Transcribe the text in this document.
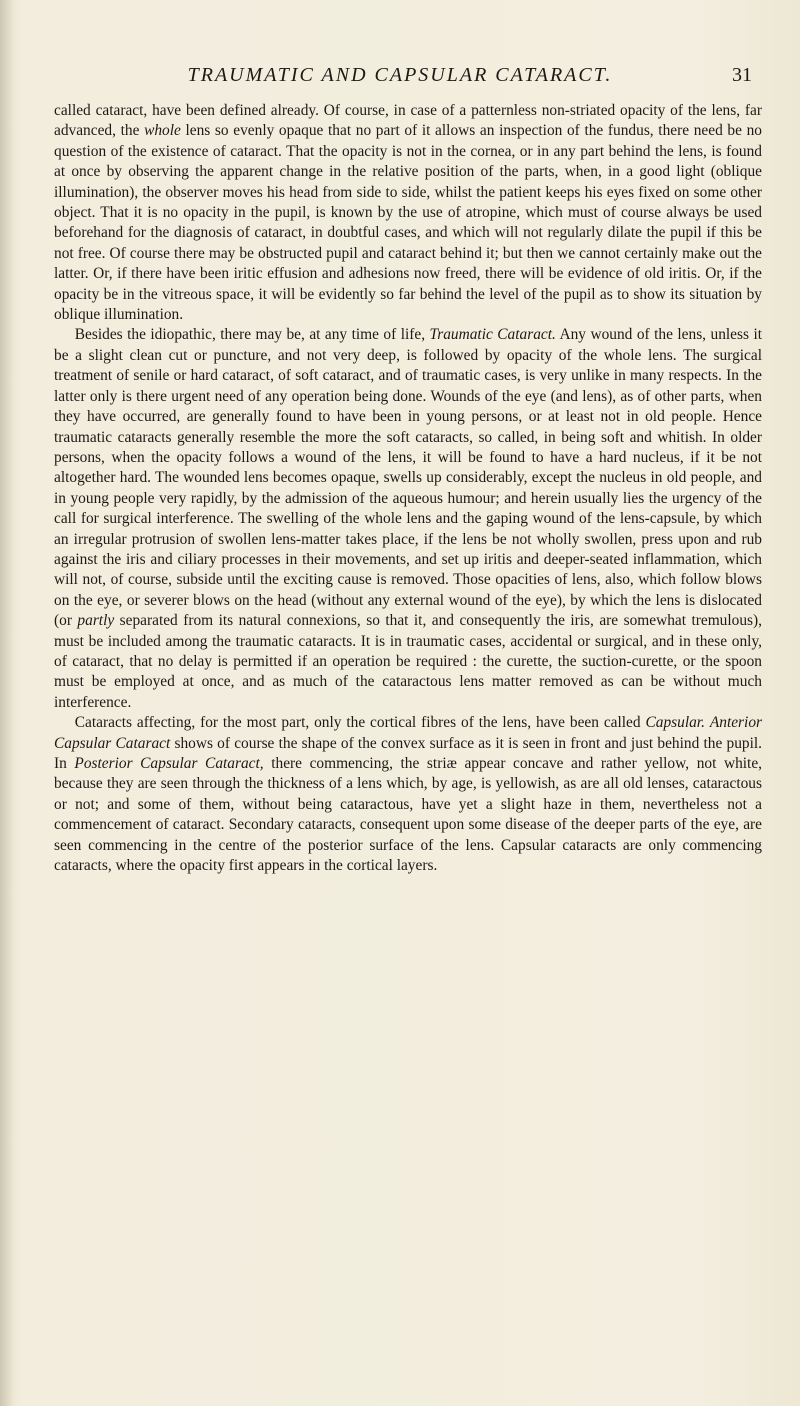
TRAUMATIC AND CAPSULAR CATARACT.	31

called cataract, have been defined already. Of course, in case of a patternless non-striated opacity of the lens, far advanced, the whole lens so evenly opaque that no part of it allows an inspection of the fundus, there need be no question of the existence of cataract. That the opacity is not in the cornea, or in any part behind the lens, is found at once by observing the apparent change in the relative position of the parts, when, in a good light (oblique illumination), the observer moves his head from side to side, whilst the patient keeps his eyes fixed on some other object. That it is no opacity in the pupil, is known by the use of atropine, which must of course always be used beforehand for the diagnosis of cataract, in doubtful cases, and which will not regularly dilate the pupil if this be not free. Of course there may be obstructed pupil and cataract behind it; but then we cannot certainly make out the latter. Or, if there have been iritic effusion and adhesions now freed, there will be evidence of old iritis. Or, if the opacity be in the vitreous space, it will be evidently so far behind the level of the pupil as to show its situation by oblique illumination.

Besides the idiopathic, there may be, at any time of life, Traumatic Cataract. Any wound of the lens, unless it be a slight clean cut or puncture, and not very deep, is followed by opacity of the whole lens. The surgical treatment of senile or hard cataract, of soft cataract, and of traumatic cases, is very unlike in many respects. In the latter only is there urgent need of any operation being done. Wounds of the eye (and lens), as of other parts, when they have occurred, are generally found to have been in young persons, or at least not in old people. Hence traumatic cataracts generally resemble the more the soft cataracts, so called, in being soft and whitish. In older persons, when the opacity follows a wound of the lens, it will be found to have a hard nucleus, if it be not altogether hard. The wounded lens becomes opaque, swells up considerably, except the nucleus in old people, and in young people very rapidly, by the admission of the aqueous humour; and herein usually lies the urgency of the call for surgical interference. The swelling of the whole lens and the gaping wound of the lens-capsule, by which an irregular protrusion of swollen lens-matter takes place, if the lens be not wholly swollen, press upon and rub against the iris and ciliary processes in their movements, and set up iritis and deeper-seated inflammation, which will not, of course, subside until the exciting cause is removed. Those opacities of lens, also, which follow blows on the eye, or severer blows on the head (without any external wound of the eye), by which the lens is dislocated (or partly separated from its natural connexions, so that it, and consequently the iris, are somewhat tremulous), must be included among the traumatic cataracts. It is in traumatic cases, accidental or surgical, and in these only, of cataract, that no delay is permitted if an operation be required : the curette, the suction-curette, or the spoon must be employed at once, and as much of the cataractous lens matter removed as can be without much interference.

Cataracts affecting, for the most part, only the cortical fibres of the lens, have been called Capsular. Anterior Capsular Cataract shows of course the shape of the convex surface as it is seen in front and just behind the pupil. In Posterior Capsular Cataract, there commencing, the striæ appear concave and rather yellow, not white, because they are seen through the thickness of a lens which, by age, is yellowish, as are all old lenses, cataractous or not; and some of them, without being cataractous, have yet a slight haze in them, nevertheless not a commencement of cataract. Secondary cataracts, consequent upon some disease of the deeper parts of the eye, are seen commencing in the centre of the posterior surface of the lens. Capsular cataracts are only commencing cataracts, where the opacity first appears in the cortical layers.
